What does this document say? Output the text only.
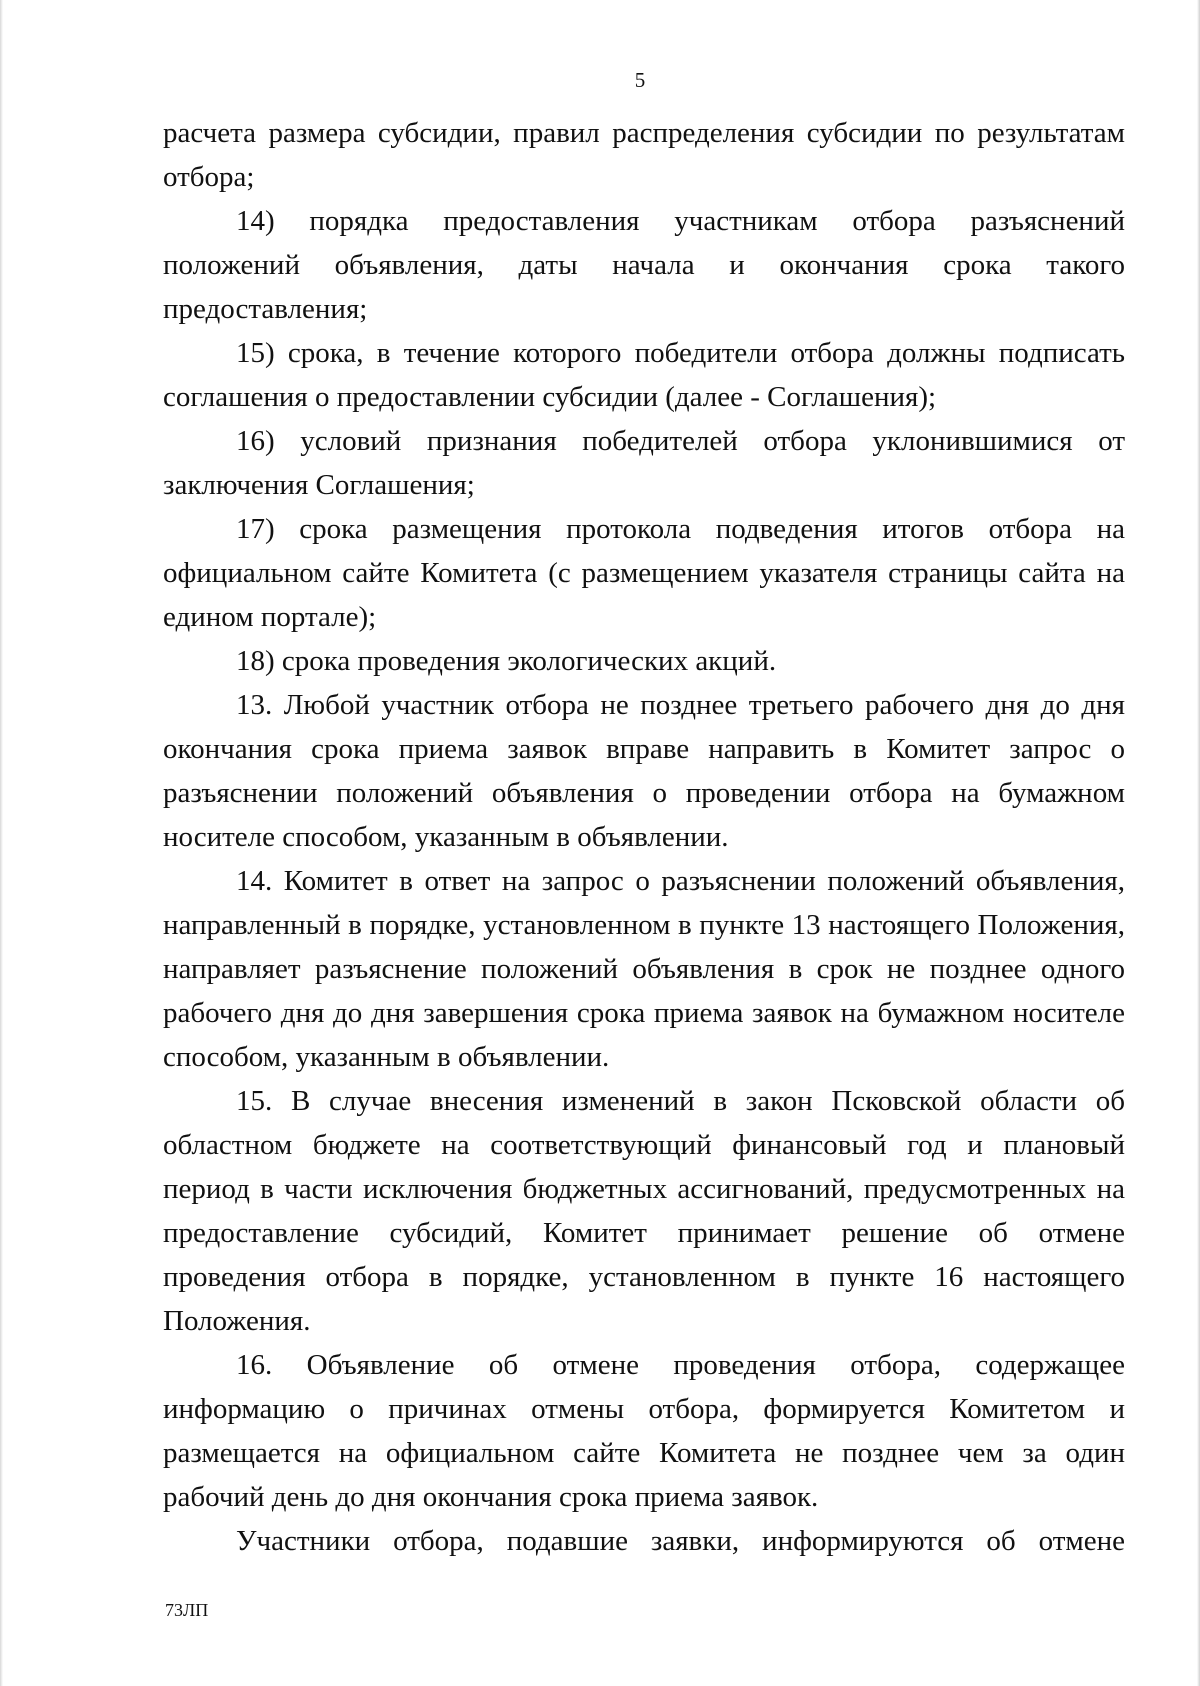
5

расчета размера субсидии, правил распределения субсидии по результатам отбора;

14) порядка предоставления участникам отбора разъяснений положений объявления, даты начала и окончания срока такого предоставления;

15) срока, в течение которого победители отбора должны подписать соглашения о предоставлении субсидии (далее - Соглашения);

16) условий признания победителей отбора уклонившимися от заключения Соглашения;

17) срока размещения протокола подведения итогов отбора на официальном сайте Комитета (с размещением указателя страницы сайта на едином портале);

18) срока проведения экологических акций.

13. Любой участник отбора не позднее третьего рабочего дня до дня окончания срока приема заявок вправе направить в Комитет запрос о разъяснении положений объявления о проведении отбора на бумажном носителе способом, указанным в объявлении.

14. Комитет в ответ на запрос о разъяснении положений объявления, направленный в порядке, установленном в пункте 13 настоящего Положения, направляет разъяснение положений объявления в срок не позднее одного рабочего дня до дня завершения срока приема заявок на бумажном носителе способом, указанным в объявлении.

15. В случае внесения изменений в закон Псковской области об областном бюджете на соответствующий финансовый год и плановый период в части исключения бюджетных ассигнований, предусмотренных на предоставление субсидий, Комитет принимает решение об отмене проведения отбора в порядке, установленном в пункте 16 настоящего Положения.

16. Объявление об отмене проведения отбора, содержащее информацию о причинах отмены отбора, формируется Комитетом и размещается на официальном сайте Комитета не позднее чем за один рабочий день до дня окончания срока приема заявок.

Участники отбора, подавшие заявки, информируются об отмене

73ЛП
